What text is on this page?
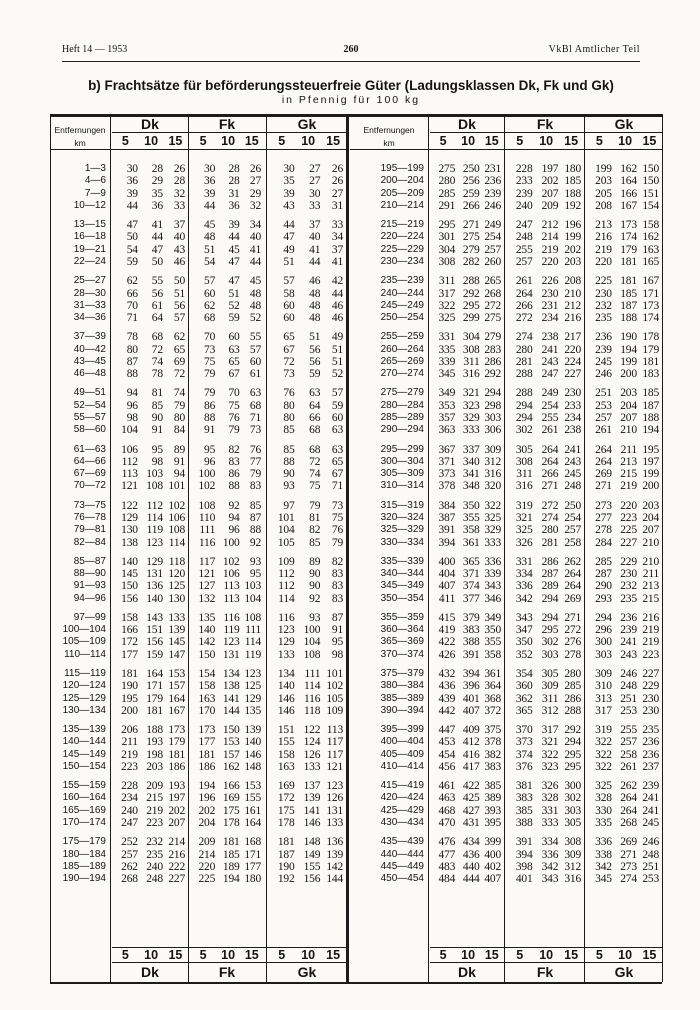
Heft 14 — 1953	260	VkBl Amtlicher Teil
b) Frachtsätze für beförderungssteuerfreie Güter (Ladungsklassen Dk, Fk und Gk)
in Pfennig für 100 kg
Entfernungen
km
Dk
Dk
5
5
10
10
15
15
Fk
Fk
5
5
10
10
15
15
Gk
Gk
5
5
10
10
15
15
1—3	30	28 26	30	28 26	30	27	26
4—6	36	29 28	36	28 27	35	27	26
7—9	39	35 32	39	31 29	39	30	27
10—12	44	36 33	44	36 32	43	33	31
13—15	47	41 37	45	39 34	44	37	33
16—18	50	44 40	48	44 40	47	40	34
19—21	54	47 43	51	45 41	49	41	37
22—24	59	50 46	54	47 44	51	44	41
25—27	62	55 50	57	47 45	57	46	42
28—30	66	56 51	60	51 48	58	48	44
31—33	70	61 56	62	52 48	60	48	46
34—36	71	64 57	68	59 52	60	48	46
37—39	78	68 62	70	60 55	65	51	49
40—42	80	72 65	73	63 57	67	56	51
43—45	87	74 69	75	65 60	72	56	51
46—48	88	78 72	79	67 61	73	59	52
49—51	94	81 74	79	70 63	76	63	57
52—54	96	85 79	86	75 68	80	64	59
55—57	98	90 80	88	76 71	80	66	60
58—60	104	91 84	91	79 73	85	68	63
61—63	106	95 89	95	82 76	85	68	63
64—66	112	98 91	96	83 77	88	72	65
67—69	113 103 94	100	86 79	90	74	67
70—72	121 108 101	102	88 83	93	75	71
73—75	122 112 102	108	92 85	97	79	73
76—78	129 114 106	110	94 87	101	81	75
79—81	130 119 108	111	96 88	104	82	76
82—84	138 123 114	116 100 92	105	85	79
85—87	140 129 118	117 102 93	109	89	82
88—90	145 131 120	121 106 95	112	90	83
91—93	150 136 125	127 113 103	112	90	83
94—96	156 140 130	132 113 104	114	92	83
97—99	158 143 133	135 116 108	116	93	87
100—104	166 151 139	140 119 111	123 100	91
105—109	172 156 145	142 123 114	129 104	95
110—114	177 159 147	150 131 119	133 108	98
115—119	181 164 153	154 134 123	134 111 101
120—124	190 171 157	158 138 125	140 114 102
125—129	195 179 164	163 141 129	146 116 105
130—134	200 181 167	170 144 135	146 118 109
135—139	206 188 173	173 150 139	151 122 113
140—144	211 193 179	177 153 140	155 124 117
145—149	219 198 181	181 157 146	158 126 117
150—154	223 203 186	186 162 148	163 133 121
155—159	228 209 193	194 166 153	169 137 123
160—164	234 215 197	196 169 155	172 139 126
165—169	240 219 202	202 175 161	175 141 131
170—174	247 223 207	204 178 164	178 146 133
175—179	252 232 214	209 181 168	181 148 136
180—184	257 235 216	214 185 171	187 149 139
185—189	262 240 222	220 189 177	190 155 142
190—194	268 248 227	225 194 180	192 156 144
Entfernungen
km
Dk
Dk
5
5
10
10
15
15
Fk
Fk
5
5
10
10
15
15
Gk
Gk
5
5
10
10
15
15
195—199	275 250 231	228 197 180	199 162 150
200—204	280 256 236	233 202 185	203 164 150
205—209	285 259 239	239 207 188	205 166 151
210—214	291 266 246	240 209 192	208 167 154
215—219	295 271 249	247 212 196	213 173 158
220—224	301 275 254	248 214 199	216 174 162
225—229	304 279 257	255 219 202	219 179 163
230—234	308 282 260	257 220 203	220 181 165
235—239	311 288 265	261 226 208	225 181 167
240—244	317 292 268	264 230 210	230 185 171
245—249	322 295 272	266 231 212	232 187 173
250—254	325 299 275	272 234 216	235 188 174
255—259	331 304 279	274 238 217	236 190 178
260—264	335 308 283	280 241 220	239 194 179
265—269	339 311 286	281 243 224	245 199 181
270—274	345 316 292	288 247 227	246 200 183
275—279	349 321 294	288 249 230	251 203 185
280—284	353 323 298	294 254 233	253 204 187
285—289	357 329 303	294 255 234	257 207 188
290—294	363 333 306	302 261 238	261 210 194
295—299	367 337 309	305 264 241	264 211 195
300—304	371 340 312	308 264 243	264 213 197
305—309	373 341 316	311 266 245	269 215 199
310—314	378 348 320	316 271 248	271 219 200
315—319	384 350 322	319 272 250	273 220 203
320—324	387 355 325	321 274 254	277 223 204
325—329	391 358 329	325 280 257	278 225 207
330—334	394 361 333	326 281 258	284 227 210
335—339	400 365 336	331 286 262	285 229 210
340—344	404 371 339	334 287 264	287 230 211
345—349	407 374 343	336 289 264	290 232 213
350—354	411 377 346	342 294 269	293 235 215
355—359	415 379 349	343 294 271	294 236 216
360—364	419 383 350	347 295 272	296 239 219
365—369	422 388 355	350 302 276	300 241 219
370—374	426 391 358	352 303 278	303 243 223
375—379	432 394 361	354 305 280	309 246 227
380—384	436 396 364	360 309 285	310 248 229
385—389	439 401 368	362 311 286	313 251 230
390—394	442 407 372	365 312 288	317 253 230
395—399	447 409 375	370 317 292	319 255 235
400—404	453 412 378	373 321 294	322 257 236
405—409	454 416 382	374 322 295	322 258 236
410—414	456 417 383	376 323 295	322 261 237
415—419	461 422 385	381 326 300	325 262 239
420—424	463 425 389	383 328 302	328 264 241
425—429	468 427 393	385 331 303	330 264 241
430—434	470 431 395	388 333 305	335 268 245
435—439	476 434 399	391 334 308	336 269 246
440—444	477 436 400	394 336 309	338 271 248
445—449	483 440 402	398 342 312	342 273 251
450—454	484 444 407	401 343 316	345 274 253
